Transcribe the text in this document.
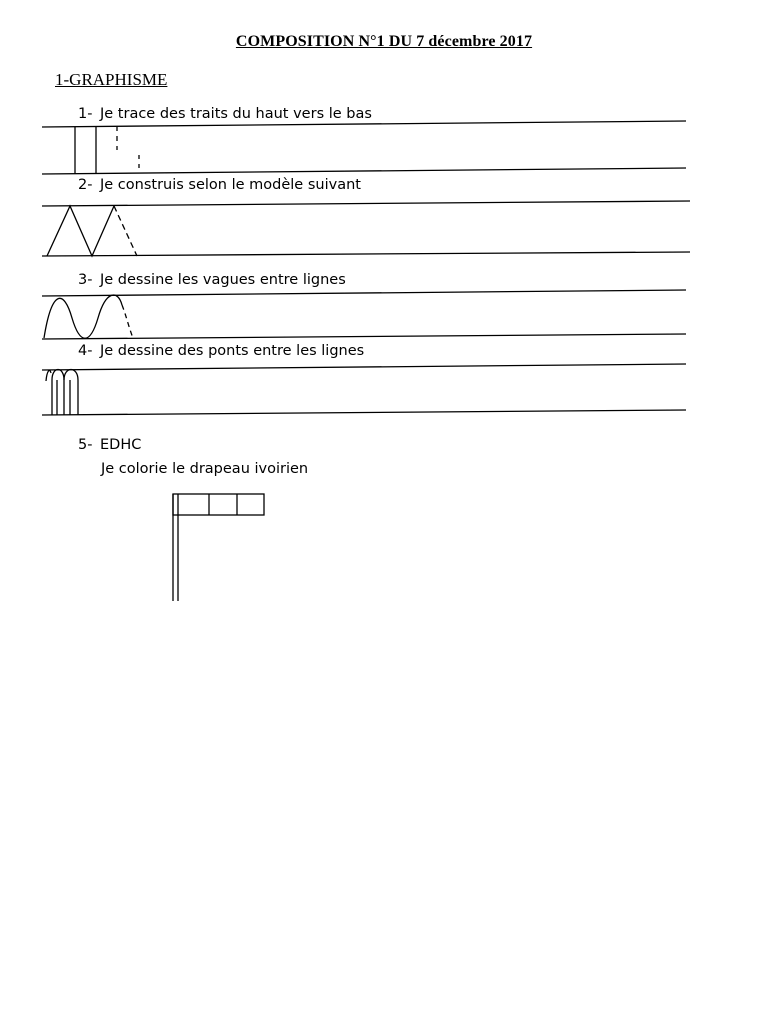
COMPOSITION N°1 DU 7 décembre 2017
1-GRAPHISME
1- Je trace des traits du haut vers le bas
2- Je construis selon le modèle suivant
3- Je dessine les vagues entre lignes
4- Je dessine des ponts entre les lignes
5- EDHC
Je colorie le drapeau ivoirien
